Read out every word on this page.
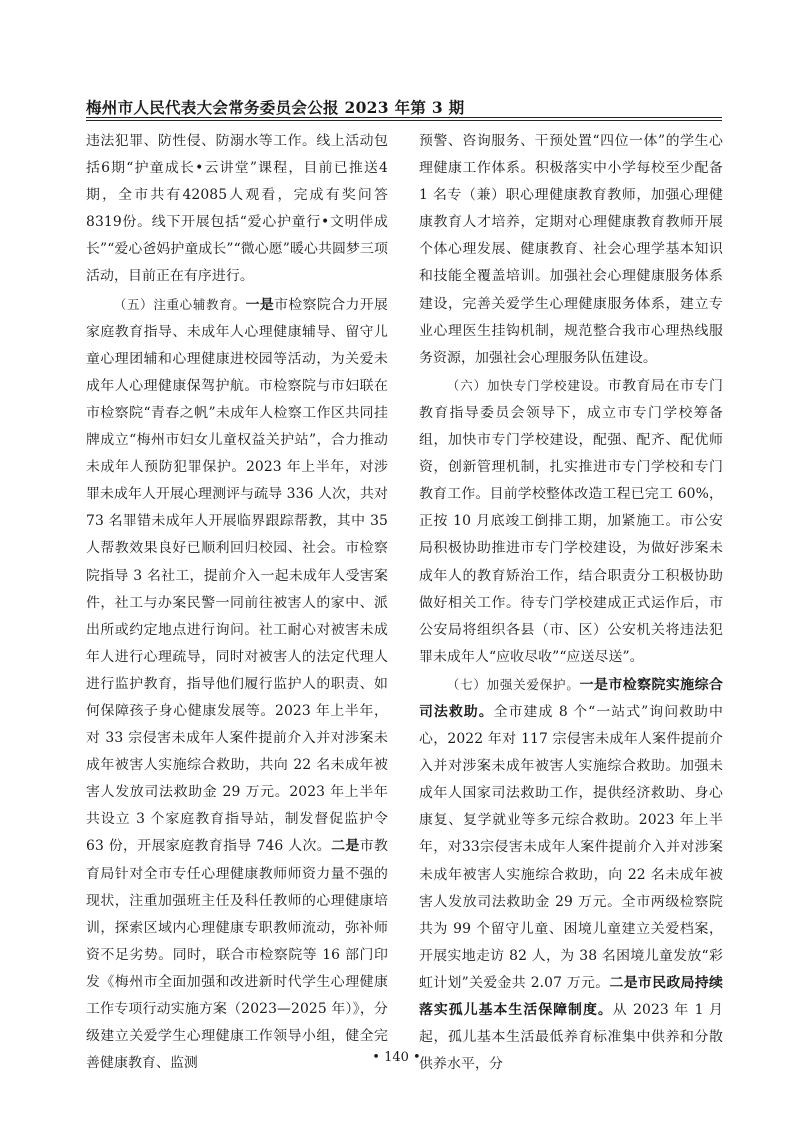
梅州市人民代表大会常务委员会公报 2023 年第 3 期

违法犯罪、防性侵、防溺水等工作。线上活动包括6期“护童成长•云讲堂”课程，目前已推送4期，全市共有42085人观看，完成有奖问答8319份。线下开展包括“爱心护童行•文明伴成长”“爱心爸妈护童成长”“微心愿”暖心共圆梦三项活动，目前正在有序进行。

（五）注重心辅教育。一是市检察院合力开展家庭教育指导、未成年人心理健康辅导、留守儿童心理团辅和心理健康进校园等活动，为关爱未成年人心理健康保驾护航。市检察院与市妇联在市检察院“青春之帆”未成年人检察工作区共同挂牌成立“梅州市妇女儿童权益关护站”，合力推动未成年人预防犯罪保护。2023 年上半年，对涉罪未成年人开展心理测评与疏导 336 人次，共对 73 名罪错未成年人开展临界跟踪帮教，其中 35 人帮教效果良好已顺利回归校园、社会。市检察院指导 3 名社工，提前介入一起未成年人受害案件，社工与办案民警一同前往被害人的家中、派出所或约定地点进行询问。社工耐心对被害未成年人进行心理疏导，同时对被害人的法定代理人进行监护教育，指导他们履行监护人的职责、如何保障孩子身心健康发展等。2023 年上半年，对 33 宗侵害未成年人案件提前介入并对涉案未成年被害人实施综合救助，共向 22 名未成年被害人发放司法救助金 29 万元。2023 年上半年共设立 3 个家庭教育指导站，制发督促监护令 63 份，开展家庭教育指导 746 人次。二是市教育局针对全市专任心理健康教师师资力量不强的现状，注重加强班主任及科任教师的心理健康培训，探索区域内心理健康专职教师流动，弥补师资不足劣势。同时，联合市检察院等 16 部门印发《梅州市全面加强和改进新时代学生心理健康工作专项行动实施方案（2023—2025 年）》，分级建立关爱学生心理健康工作领导小组，健全完善健康教育、监测

预警、咨询服务、干预处置“四位一体”的学生心理健康工作体系。积极落实中小学每校至少配备 1 名专（兼）职心理健康教育教师，加强心理健康教育人才培养，定期对心理健康教育教师开展个体心理发展、健康教育、社会心理学基本知识和技能全覆盖培训。加强社会心理健康服务体系建设，完善关爱学生心理健康服务体系，建立专业心理医生挂钩机制，规范整合我市心理热线服务资源，加强社会心理服务队伍建设。

（六）加快专门学校建设。市教育局在市专门教育指导委员会领导下，成立市专门学校筹备组，加快市专门学校建设，配强、配齐、配优师资，创新管理机制，扎实推进市专门学校和专门教育工作。目前学校整体改造工程已完工 60%，正按 10 月底竣工倒排工期，加紧施工。市公安局积极协助推进市专门学校建设，为做好涉案未成年人的教育矫治工作，结合职责分工积极协助做好相关工作。待专门学校建成正式运作后，市公安局将组织各县（市、区）公安机关将违法犯罪未成年人“应收尽收”“应送尽送”。

（七）加强关爱保护。一是市检察院实施综合司法救助。全市建成 8 个“一站式”询问救助中心，2022 年对 117 宗侵害未成年人案件提前介入并对涉案未成年被害人实施综合救助。加强未成年人国家司法救助工作，提供经济救助、身心康复、复学就业等多元综合救助。2023 年上半年，对33宗侵害未成年人案件提前介入并对涉案未成年被害人实施综合救助，向 22 名未成年被害人发放司法救助金 29 万元。全市两级检察院共为 99 个留守儿童、困境儿童建立关爱档案，开展实地走访 82 人，为 38 名困境儿童发放“彩虹计划”关爱金共 2.07 万元。二是市民政局持续落实孤儿基本生活保障制度。从 2023 年 1 月起，孤儿基本生活最低养育标准集中供养和分散供养水平，分

• 140 •
